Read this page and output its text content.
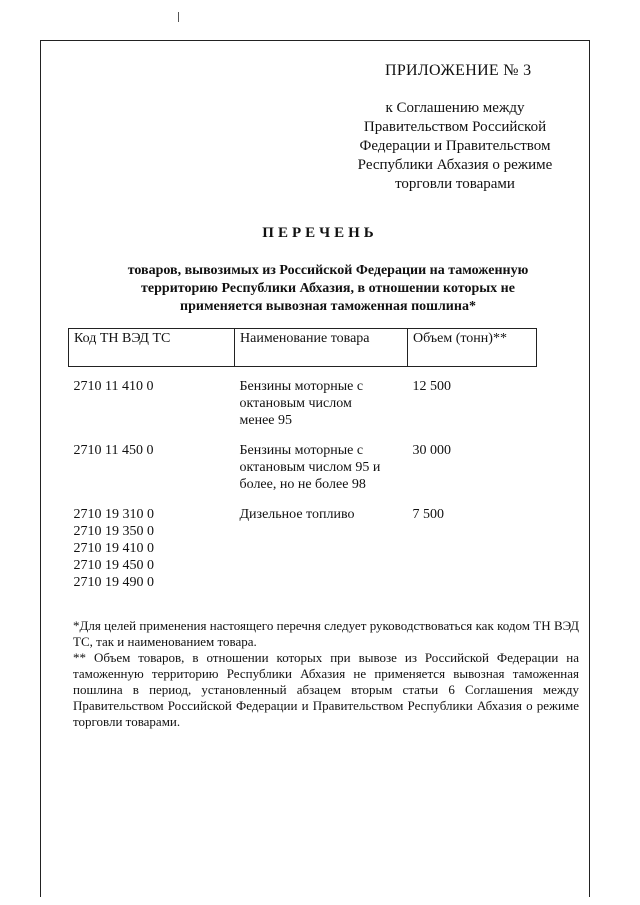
ПРИЛОЖЕНИЕ № 3
к Соглашению между
Правительством Российской
Федерации и Правительством
Республики Абхазия о режиме
торговли товарами
ПЕРЕЧЕНЬ
товаров, вывозимых из Российской Федерации на таможенную
территорию Республики Абхазия, в отношении которых не
применяется вывозная таможенная пошлина*
Код ТН ВЭД ТС	Наименование товара	Объем (тонн)**

2710 11 410 0	Бензины моторные с
октановым числом
менее 95	12 500

2710 11 450 0	Бензины моторные с
октановым числом 95 и
более, но не более 98	30 000

2710 19 310 0
2710 19 350 0
2710 19 410 0
2710 19 450 0
2710 19 490 0	Дизельное топливо	7 500

*Для целей применения настоящего перечня следует руководствоваться как кодом ТН ВЭД ТС, так и наименованием товара.

** Объем товаров, в отношении которых при вывозе из Российской Федерации на таможенную территорию Республики Абхазия не применяется вывозная таможенная пошлина в период, установленный абзацем вторым статьи 6 Соглашения между Правительством Российской Федерации и Правительством Республики Абхазия о режиме торговли товарами.
